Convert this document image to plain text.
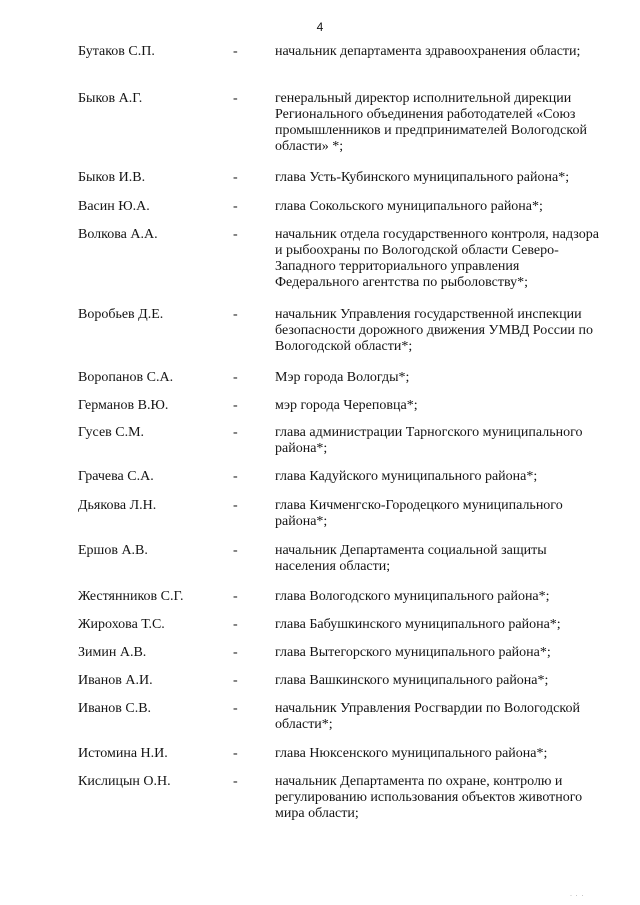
4
Бутаков С.П.	-	начальник департамента здравоохранения области;
Быков А.Г.	-	генеральный директор исполнительной дирекции Регионального объединения работодателей «Союз промышленников и предпринимателей Вологодской области» *;
Быков И.В.	-	глава Усть-Кубинского муниципального района*;
Васин Ю.А.	-	глава Сокольского муниципального района*;
Волкова А.А.	-	начальник отдела государственного контроля, надзора и рыбоохраны по Вологодской области Северо-Западного территориального управления Федерального агентства по рыболовству*;
Воробьев Д.Е.	-	начальник Управления государственной инспекции безопасности дорожного движения УМВД России по Вологодской области*;
Воропанов С.А.	-	Мэр города Вологды*;
Германов В.Ю.	-	мэр города Череповца*;
Гусев С.М.	-	глава администрации Тарногского муниципального района*;
Грачева С.А.	-	глава Кадуйского муниципального района*;
Дьякова Л.Н.	-	глава Кичменгско-Городецкого муниципального района*;
Ершов А.В.	-	начальник Департамента социальной защиты населения области;
Жестянников С.Г.	-	глава Вологодского муниципального района*;
Жирохова Т.С.	-	глава Бабушкинского муниципального района*;
Зимин А.В.	-	глава Вытегорского муниципального района*;
Иванов А.И.	-	глава Вашкинского муниципального района*;
Иванов С.В.	-	начальник Управления Росгвардии по Вологодской области*;
Истомина Н.И.	-	глава Нюксенского муниципального района*;
Кислицын О.Н.	-	начальник Департамента по охране, контролю и регулированию использования объектов животного мира области;
· · ·
